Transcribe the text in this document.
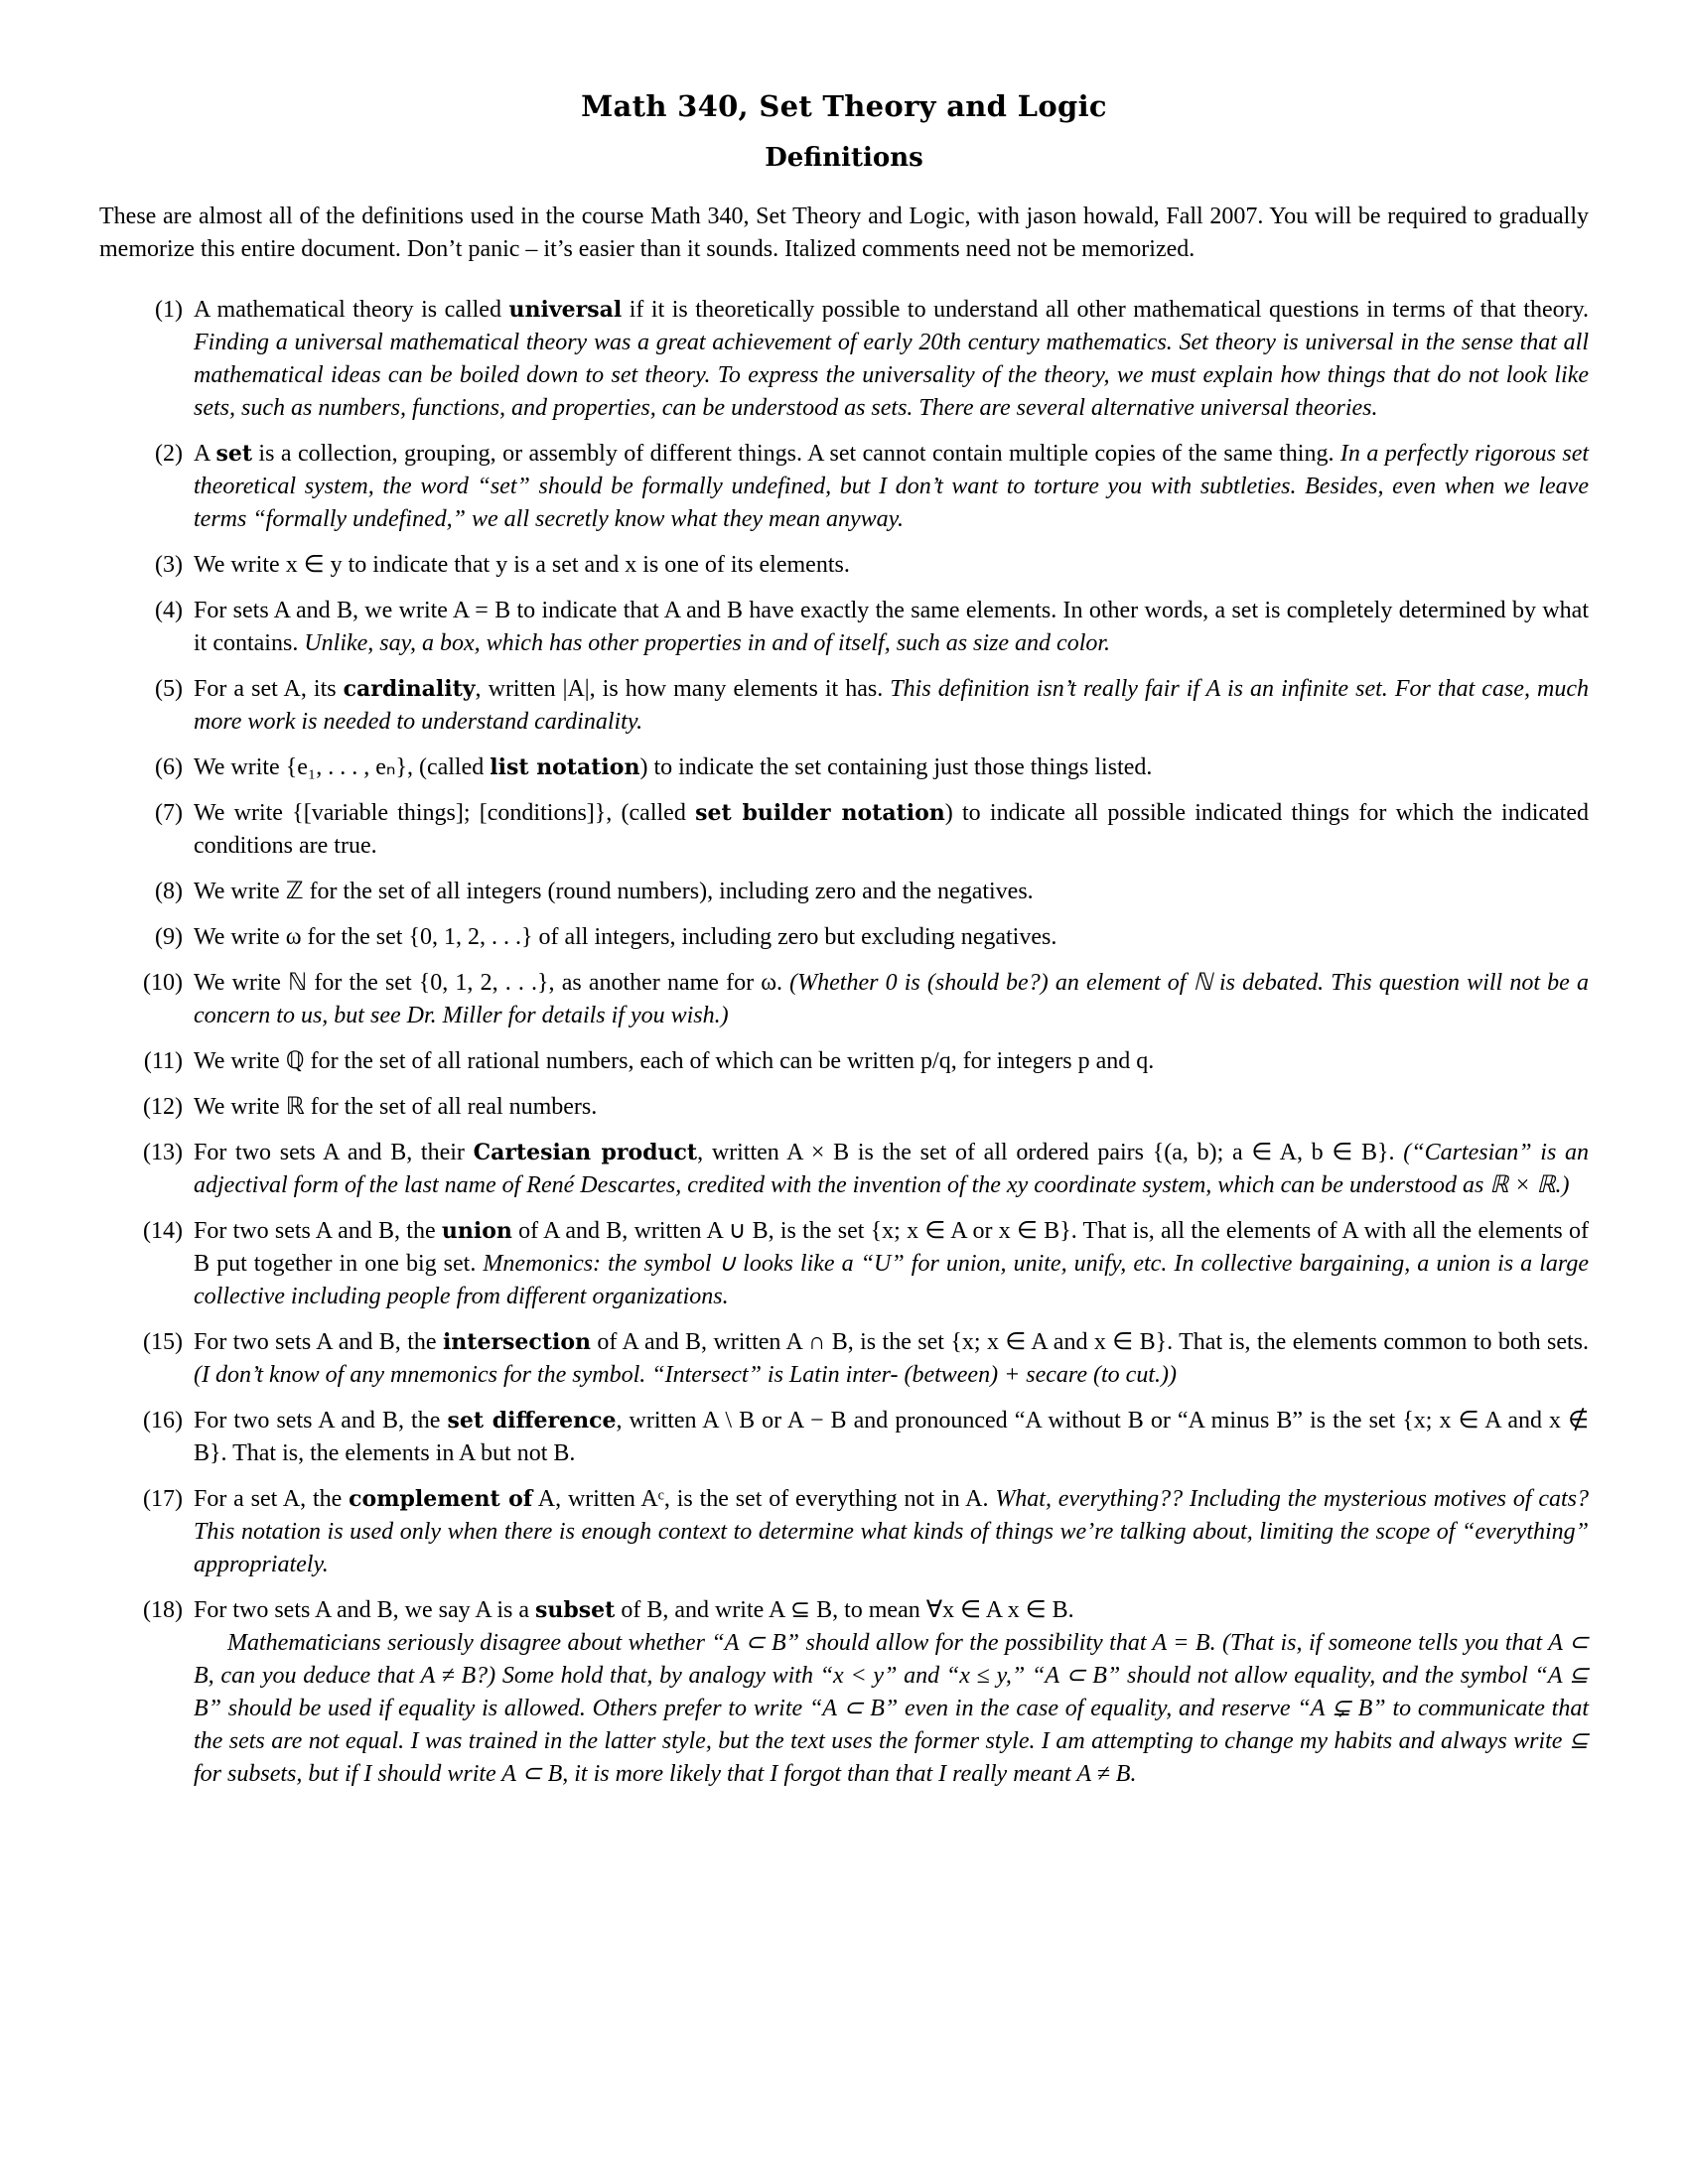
Math 340, Set Theory and Logic
Definitions

These are almost all of the definitions used in the course Math 340, Set Theory and Logic, with jason howald, Fall 2007. You will be required to gradually memorize this entire document. Don’t panic – it’s easier than it sounds. Italized comments need not be memorized.

(1) A mathematical theory is called universal if it is theoretically possible to understand all other mathematical questions in terms of that theory. Finding a universal mathematical theory was a great achievement of early 20th century mathematics. Set theory is universal in the sense that all mathematical ideas can be boiled down to set theory. To express the universality of the theory, we must explain how things that do not look like sets, such as numbers, functions, and properties, can be understood as sets. There are several alternative universal theories.
(2) A set is a collection, grouping, or assembly of different things. A set cannot contain multiple copies of the same thing. In a perfectly rigorous set theoretical system, the word “set” should be formally undefined, but I don’t want to torture you with subtleties. Besides, even when we leave terms “formally undefined,” we all secretly know what they mean anyway.
(3) We write x ∈ y to indicate that y is a set and x is one of its elements.
(4) For sets A and B, we write A = B to indicate that A and B have exactly the same elements. In other words, a set is completely determined by what it contains. Unlike, say, a box, which has other properties in and of itself, such as size and color.
(5) For a set A, its cardinality, written |A|, is how many elements it has. This definition isn’t really fair if A is an infinite set. For that case, much more work is needed to understand cardinality.
(6) We write {e₁, . . . , eₙ}, (called list notation) to indicate the set containing just those things listed.
(7) We write {[variable things]; [conditions]}, (called set builder notation) to indicate all possible indicated things for which the indicated conditions are true.
(8) We write ℤ for the set of all integers (round numbers), including zero and the negatives.
(9) We write ω for the set {0, 1, 2, . . .} of all integers, including zero but excluding negatives.
(10) We write ℕ for the set {0, 1, 2, . . .}, as another name for ω. (Whether 0 is (should be?) an element of ℕ is debated. This question will not be a concern to us, but see Dr. Miller for details if you wish.)
(11) We write ℚ for the set of all rational numbers, each of which can be written p/q, for integers p and q.
(12) We write ℝ for the set of all real numbers.
(13) For two sets A and B, their Cartesian product, written A × B is the set of all ordered pairs {(a, b); a ∈ A, b ∈ B}. (“Cartesian” is an adjectival form of the last name of René Descartes, credited with the invention of the xy coordinate system, which can be understood as ℝ × ℝ.)
(14) For two sets A and B, the union of A and B, written A ∪ B, is the set {x; x ∈ A or x ∈ B}. That is, all the elements of A with all the elements of B put together in one big set. Mnemonics: the symbol ∪ looks like a “U” for union, unite, unify, etc. In collective bargaining, a union is a large collective including people from different organizations.
(15) For two sets A and B, the intersection of A and B, written A ∩ B, is the set {x; x ∈ A and x ∈ B}. That is, the elements common to both sets. (I don’t know of any mnemonics for the symbol. “Intersect” is Latin inter- (between) + secare (to cut.))
(16) For two sets A and B, the set difference, written A \ B or A − B and pronounced “A without B or “A minus B” is the set {x; x ∈ A and x ∉ B}. That is, the elements in A but not B.
(17) For a set A, the complement of A, written Aᶜ, is the set of everything not in A. What, everything?? Including the mysterious motives of cats? This notation is used only when there is enough context to determine what kinds of things we’re talking about, limiting the scope of “everything” appropriately.
(18) For two sets A and B, we say A is a subset of B, and write A ⊆ B, to mean ∀x ∈ A x ∈ B.
Mathematicians seriously disagree about whether “A ⊂ B” should allow for the possibility that A = B. (That is, if someone tells you that A ⊂ B, can you deduce that A ≠ B?) Some hold that, by analogy with “x < y” and “x ≤ y,” “A ⊂ B” should not allow equality, and the symbol “A ⊆ B” should be used if equality is allowed. Others prefer to write “A ⊂ B” even in the case of equality, and reserve “A ⊊ B” to communicate that the sets are not equal. I was trained in the latter style, but the text uses the former style. I am attempting to change my habits and always write ⊆ for subsets, but if I should write A ⊂ B, it is more likely that I forgot than that I really meant A ≠ B.
